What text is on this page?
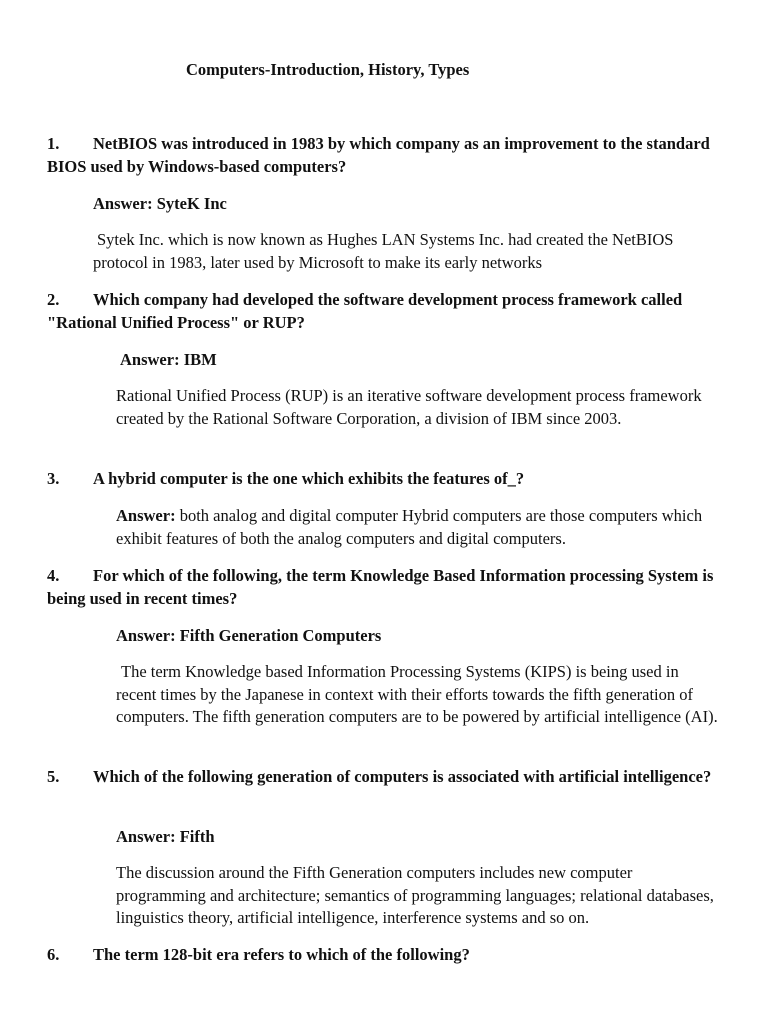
Computers-Introduction, History, Types
1. NetBIOS was introduced in 1983 by which company as an improvement to the standard BIOS used by Windows-based computers?
Answer: SyteK Inc
Sytek Inc. which is now known as Hughes LAN Systems Inc. had created the NetBIOS protocol in 1983, later used by Microsoft to make its early networks
2. Which company had developed the software development process framework called "Rational Unified Process" or RUP?
Answer: IBM
Rational Unified Process (RUP) is an iterative software development process framework created by the Rational Software Corporation, a division of IBM since 2003.
3. A hybrid computer is the one which exhibits the features of_?
Answer: both analog and digital computer Hybrid computers are those computers which exhibit features of both the analog computers and digital computers.
4. For which of the following, the term Knowledge Based Information processing System is being used in recent times?
Answer: Fifth Generation Computers
The term Knowledge based Information Processing Systems (KIPS) is being used in recent times by the Japanese in context with their efforts towards the fifth generation of computers. The fifth generation computers are to be powered by artificial intelligence (AI).
5. Which of the following generation of computers is associated with artificial intelligence?
Answer: Fifth
The discussion around the Fifth Generation computers includes new computer programming and architecture; semantics of programming languages; relational databases, linguistics theory, artificial intelligence, interference systems and so on.
6. The term 128-bit era refers to which of the following?
